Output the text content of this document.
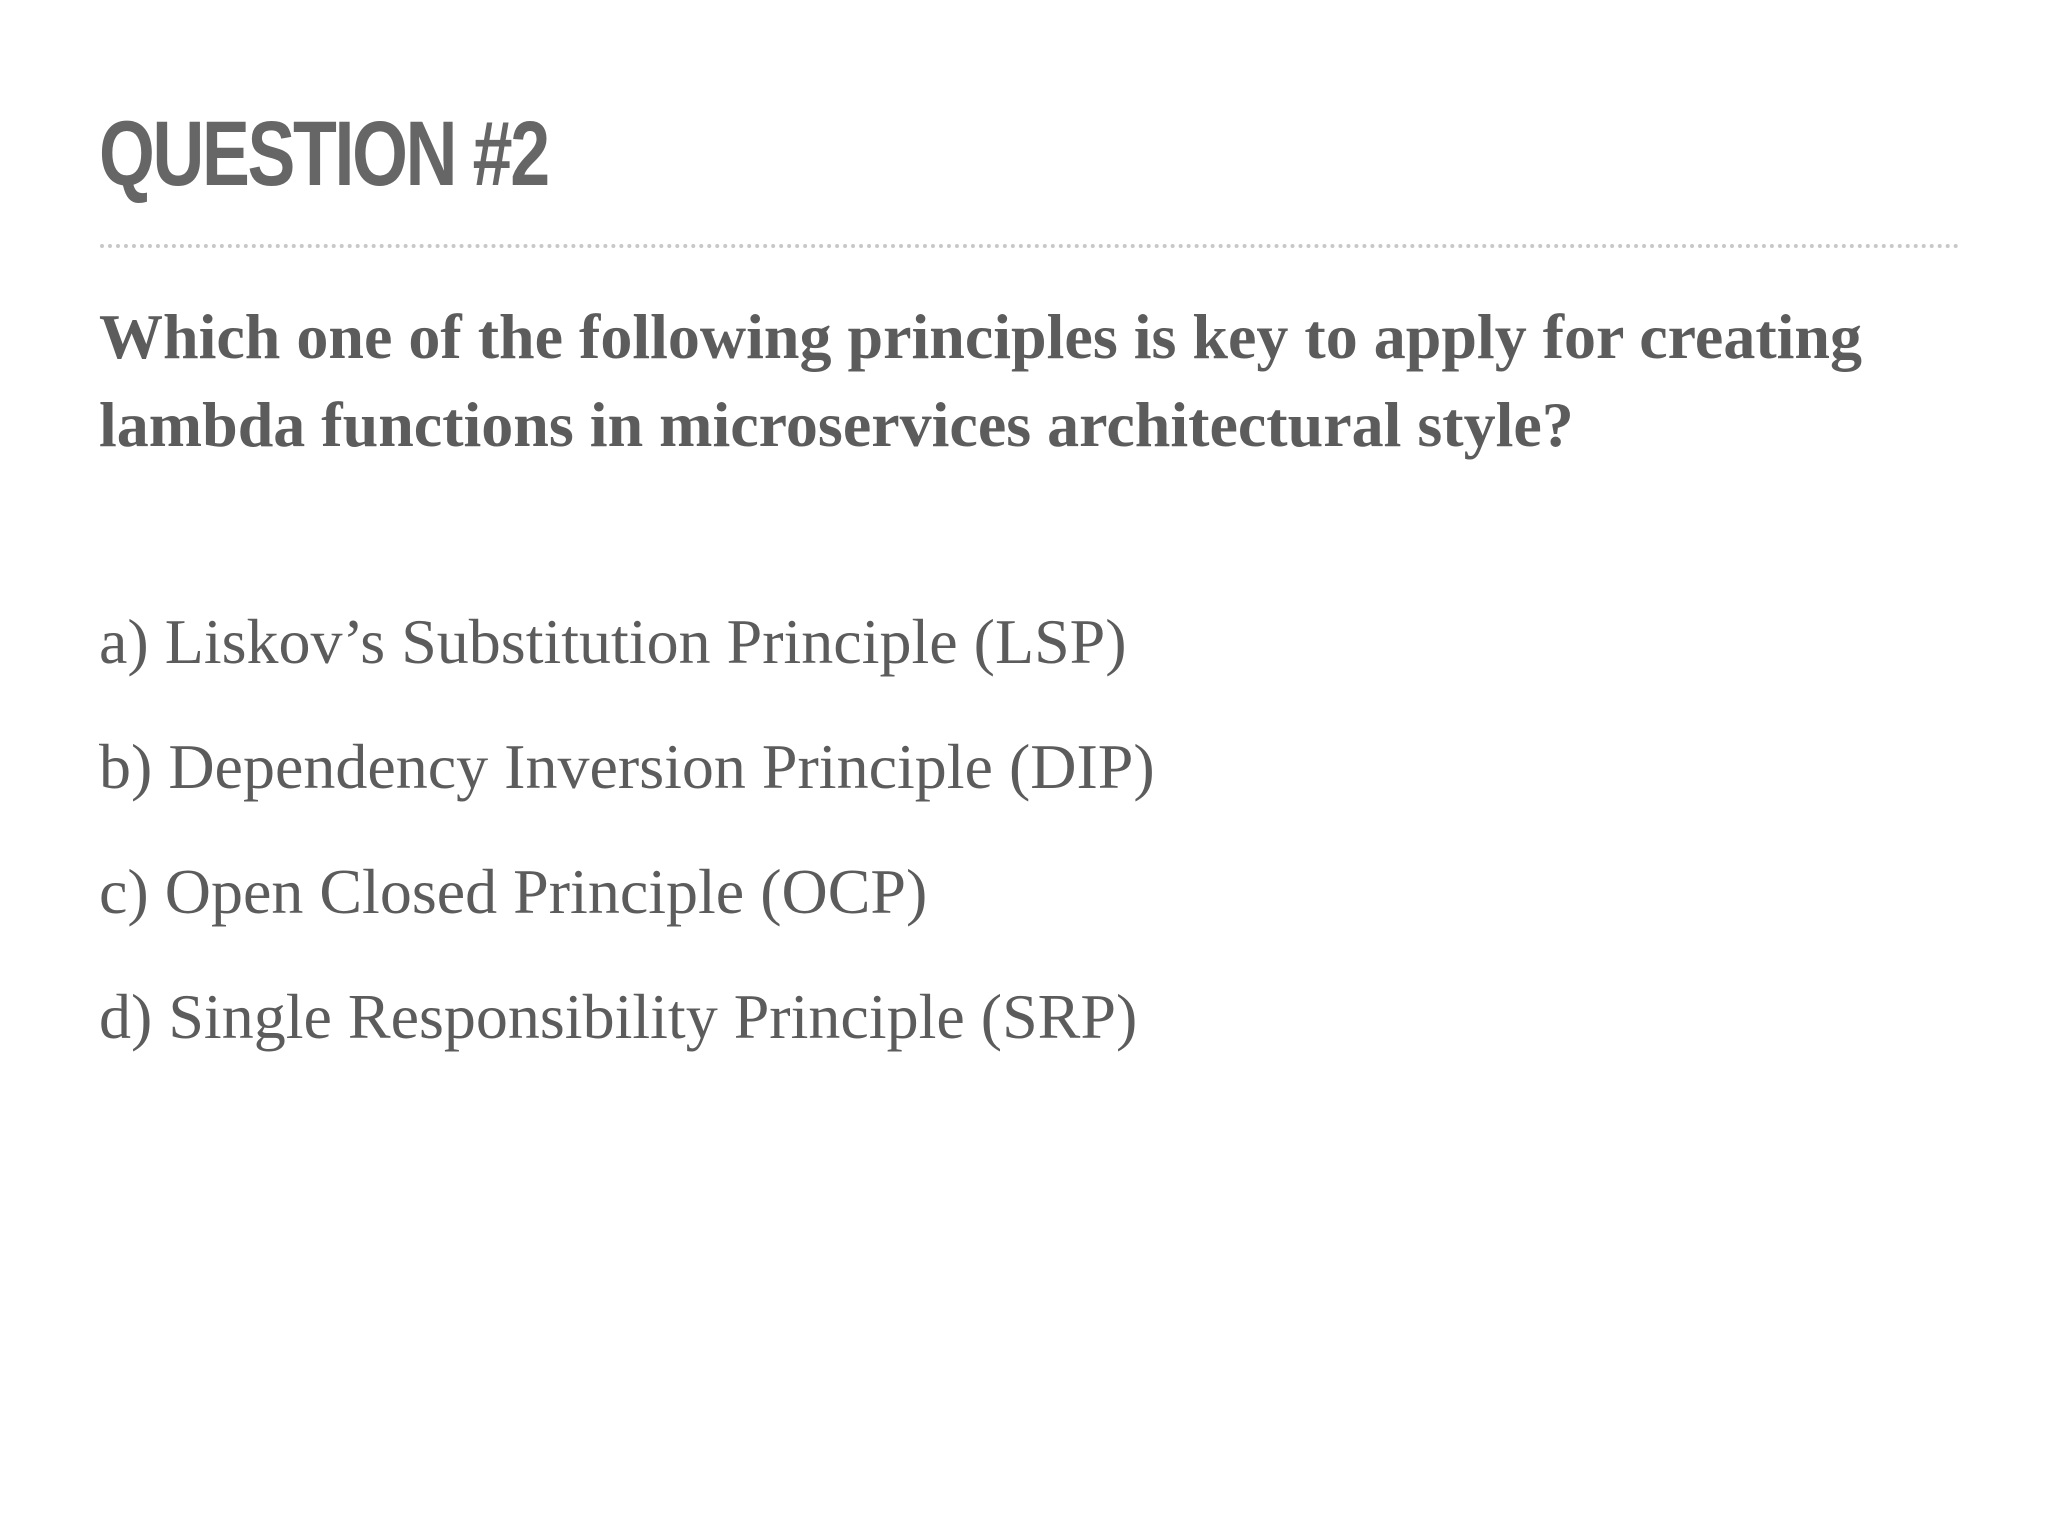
QUESTION #2

Which one of the following principles is key to apply for creating lambda functions in microservices architectural style?

a) Liskov’s Substitution Principle (LSP)
b) Dependency Inversion Principle (DIP)
c) Open Closed Principle (OCP)
d) Single Responsibility Principle (SRP)
